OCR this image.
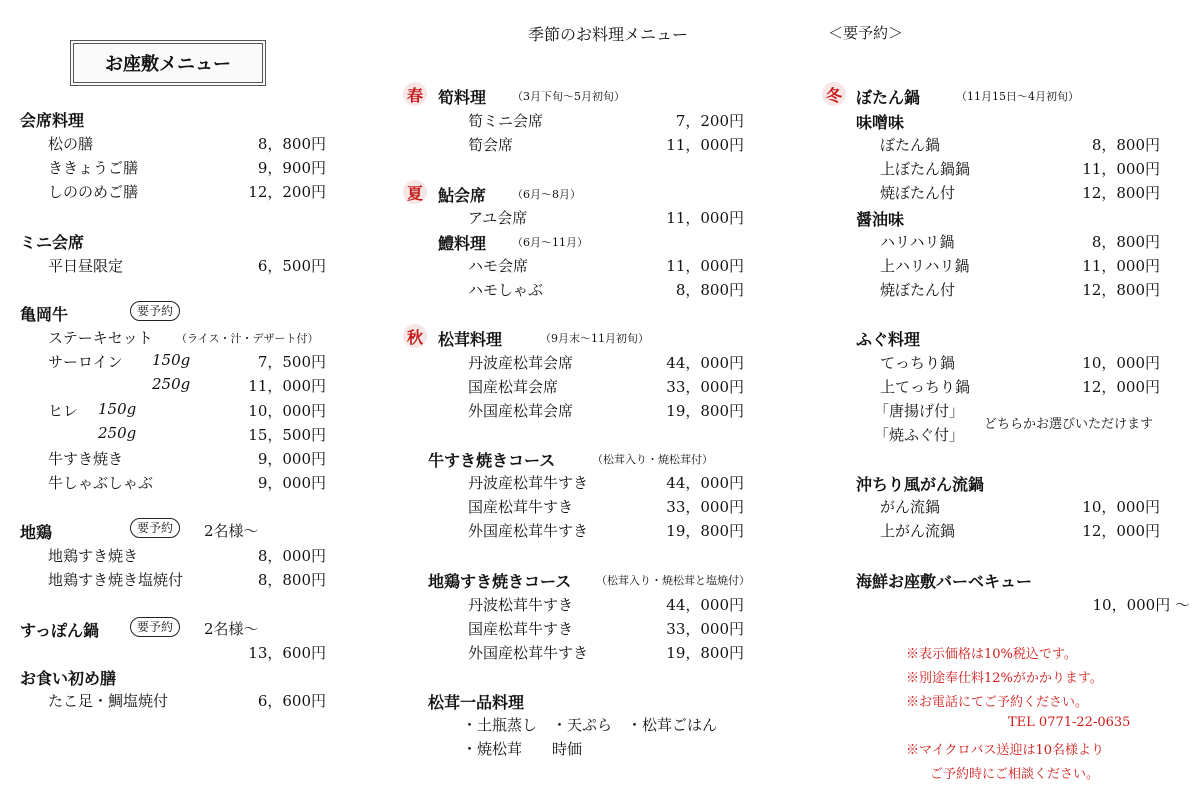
季節のお料理メニュー	＜要予約＞
お座敷メニュー
会席料理
松の膳	8，800円
ききょうご膳	9，900円
しののめご膳	12，200円
ミニ会席
平日昼限定	6，500円
亀岡牛	要予約
ステーキセット （ライス・汁・デザート付）
サーロイン 150g	7，500円
250g	11，000円
ヒレ 150g	10，000円
250g	15，500円
牛すき焼き	9，000円
牛しゃぶしゃぶ	9，000円
地鶏	要予約	2名様～
地鶏すき焼き	8，000円
地鶏すき焼き塩焼付	8，800円
すっぽん鍋	要予約	2名様～
13，600円
お食い初め膳
たこ足・鯛塩焼付	6，600円
春 筍料理 （3月下旬～5月初旬）
筍ミニ会席	7，200円
筍会席	11，000円
夏 鮎会席 （6月～8月）
アユ会席	11，000円
鱧料理 （6月～11月）
ハモ会席	11，000円
ハモしゃぶ	8，800円
秋 松茸料理	（9月末～11月初旬）
丹波産松茸会席	44，000円
国産松茸会席	33，000円
外国産松茸会席	19，800円
牛すき焼きコース	（松茸入り・焼松茸付）
丹波産松茸牛すき	44，000円
国産松茸牛すき	33，000円
外国産松茸牛すき	19，800円
地鶏すき焼きコース （松茸入り・焼松茸と塩焼付）
丹波松茸牛すき	44，000円
国産松茸牛すき	33，000円
外国産松茸牛すき	19，800円
松茸一品料理
・土瓶蒸し　・天ぷら　・松茸ごはん
・焼松茸　　時価
冬 ぼたん鍋	（11月15日～4月初旬）
味噌味
ぼたん鍋	8，800円
上ぼたん鍋鍋	11，000円
焼ぼたん付	12，800円
醤油味
ハリハリ鍋	8，800円
上ハリハリ鍋	11，000円
焼ぼたん付	12，800円
ふぐ料理
てっちり鍋	10，000円
上てっちり鍋	12，000円
「唐揚げ付」
「焼ふぐ付」
どちらかお選びいただけます
沖ちり風がん流鍋
がん流鍋	10，000円
上がん流鍋	12，000円
海鮮お座敷バーベキュー
10，000円 ～
※表示価格は10%税込です。
※別途奉仕料12%がかかります。
※お電話にてご予約ください。
TEL 0771-22-0635
※マイクロバス送迎は10名様より
ご予約時にご相談ください。
